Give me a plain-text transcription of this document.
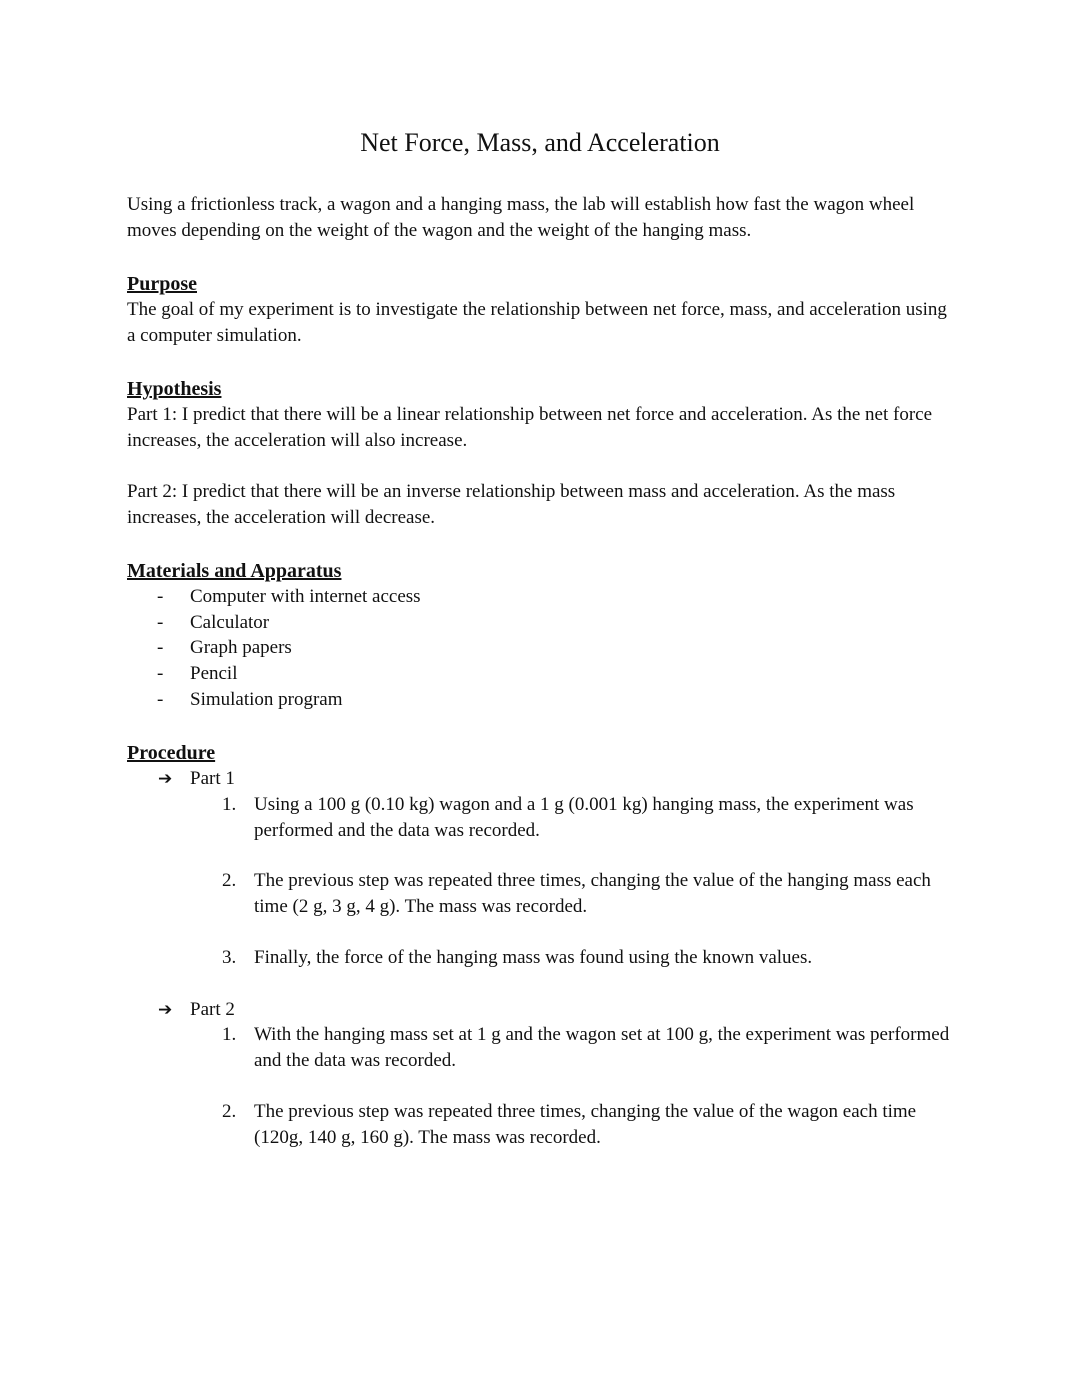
Net Force, Mass, and Acceleration
Using a frictionless track, a wagon and a hanging mass, the lab will establish how fast the wagon wheel moves depending on the weight of the wagon and the weight of the hanging mass.
Purpose
The goal of my experiment is to investigate the relationship between net force, mass, and acceleration using a computer simulation.
Hypothesis
Part 1: I predict that there will be a linear relationship between net force and acceleration. As the net force increases, the acceleration will also increase.
Part 2: I predict that there will be an inverse relationship between mass and acceleration. As the mass increases, the acceleration will decrease.
Materials and Apparatus
- Computer with internet access
- Calculator
- Graph papers
- Pencil
- Simulation program
Procedure
➔ Part 1
1. Using a 100 g (0.10 kg) wagon and a 1 g (0.001 kg) hanging mass, the experiment was performed and the data was recorded.
2. The previous step was repeated three times, changing the value of the hanging mass each time (2 g, 3 g, 4 g). The mass was recorded.
3. Finally, the force of the hanging mass was found using the known values.
➔ Part 2
1. With the hanging mass set at 1 g and the wagon set at 100 g, the experiment was performed and the data was recorded.
2. The previous step was repeated three times, changing the value of the wagon each time (120g, 140 g, 160 g). The mass was recorded.
